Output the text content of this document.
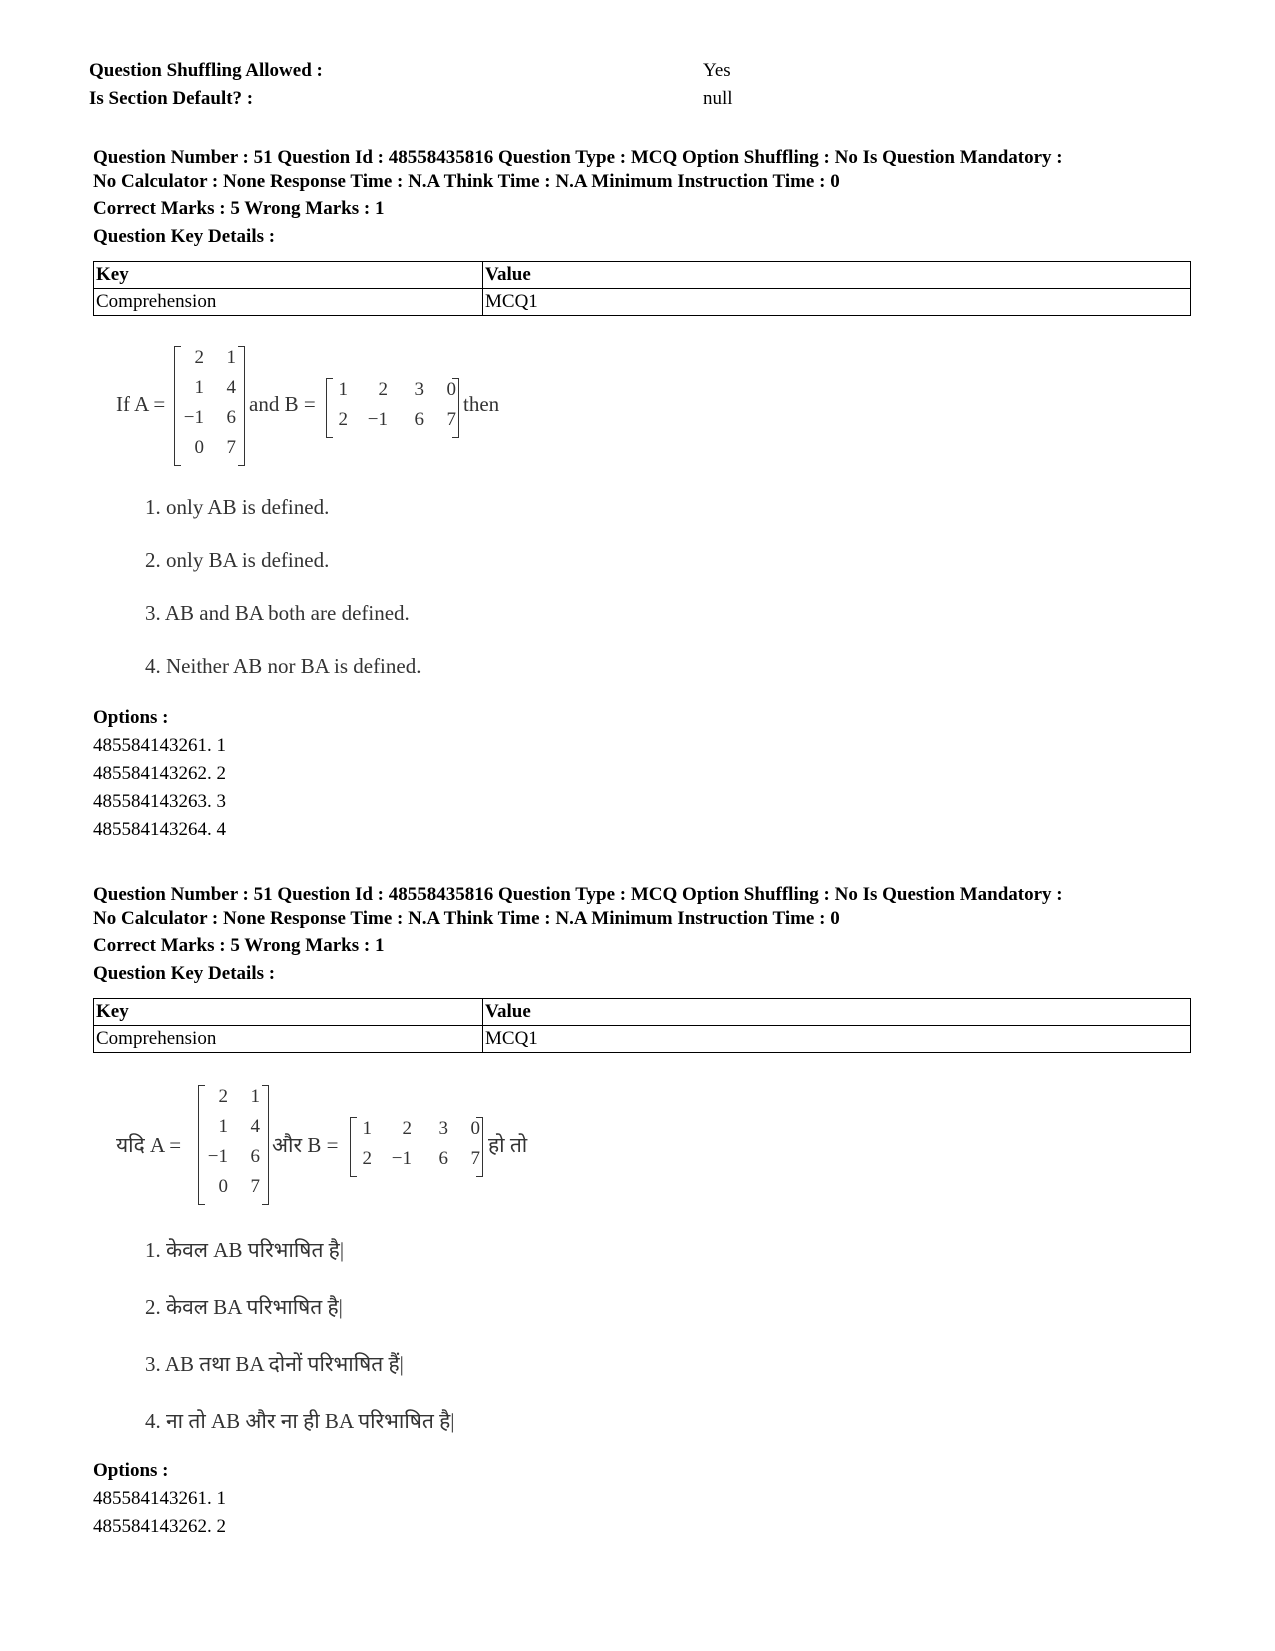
Question Shuffling Allowed :	Yes
Is Section Default? :	null
Question Number : 51 Question Id : 48558435816 Question Type : MCQ Option Shuffling : No Is Question Mandatory :
No Calculator : None Response Time : N.A Think Time : N.A Minimum Instruction Time : 0
Correct Marks : 5 Wrong Marks : 1
Question Key Details :
Key	Value
Comprehension	MCQ1
If A =
2	1
1	4
−1	6
0	7
and B =
1	2	3	0
2	−1	6	7
then
1. only AB is defined.
2. only BA is defined.
3. AB and BA both are defined.
4. Neither AB nor BA is defined.
Options :
485584143261. 1
485584143262. 2
485584143263. 3
485584143264. 4
Question Number : 51 Question Id : 48558435816 Question Type : MCQ Option Shuffling : No Is Question Mandatory :
No Calculator : None Response Time : N.A Think Time : N.A Minimum Instruction Time : 0
Correct Marks : 5 Wrong Marks : 1
Question Key Details :
Key	Value
Comprehension	MCQ1
यदि A =
2	1
1	4
−1	6
0	7
और B =
1	2	3	0
2	−1	6	7
हो तो
1. केवल AB परिभाषित है|
2. केवल BA परिभाषित है|
3. AB तथा BA दोनों परिभाषित हैं|
4. ना तो AB और ना ही BA परिभाषित है|
Options :
485584143261. 1
485584143262. 2
